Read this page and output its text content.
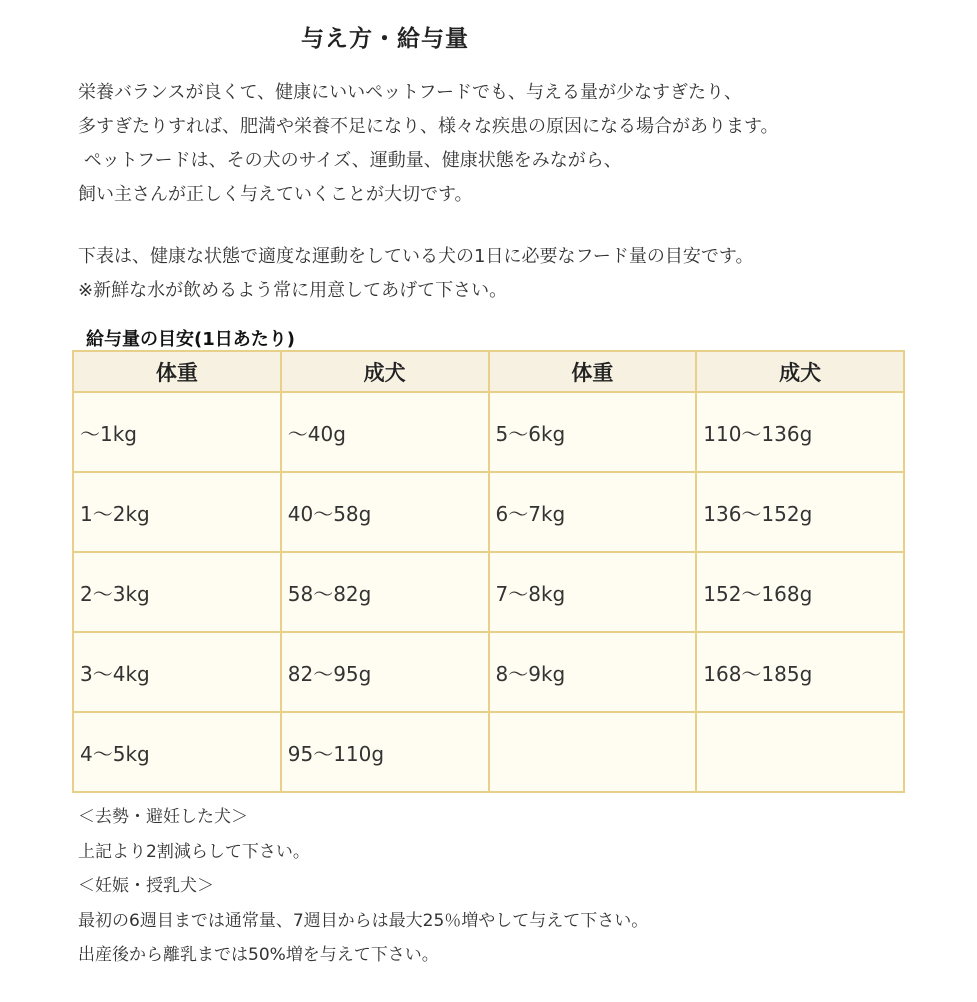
与え方・給与量
栄養バランスが良くて、健康にいいペットフードでも、与える量が少なすぎたり、
多すぎたりすれば、肥満や栄養不足になり、様々な疾患の原因になる場合があります。
ペットフードは、その犬のサイズ、運動量、健康状態をみながら、
飼い主さんが正しく与えていくことが大切です。
下表は、健康な状態で適度な運動をしている犬の1日に必要なフード量の目安です。
※新鮮な水が飲めるよう常に用意してあげて下さい。
給与量の目安(1日あたり)
体重	成犬	体重	成犬
～1kg	～40g	5～6kg	110～136g
1～2kg	40～58g	6～7kg	136～152g
2～3kg	58～82g	7～8kg	152～168g
3～4kg	82～95g	8～9kg	168～185g
4～5kg	95～110g		
＜去勢・避妊した犬＞
上記より2割減らして下さい。
＜妊娠・授乳犬＞
最初の6週目までは通常量、7週目からは最大25％増やして与えて下さい。
出産後から離乳までは50%増を与えて下さい。
